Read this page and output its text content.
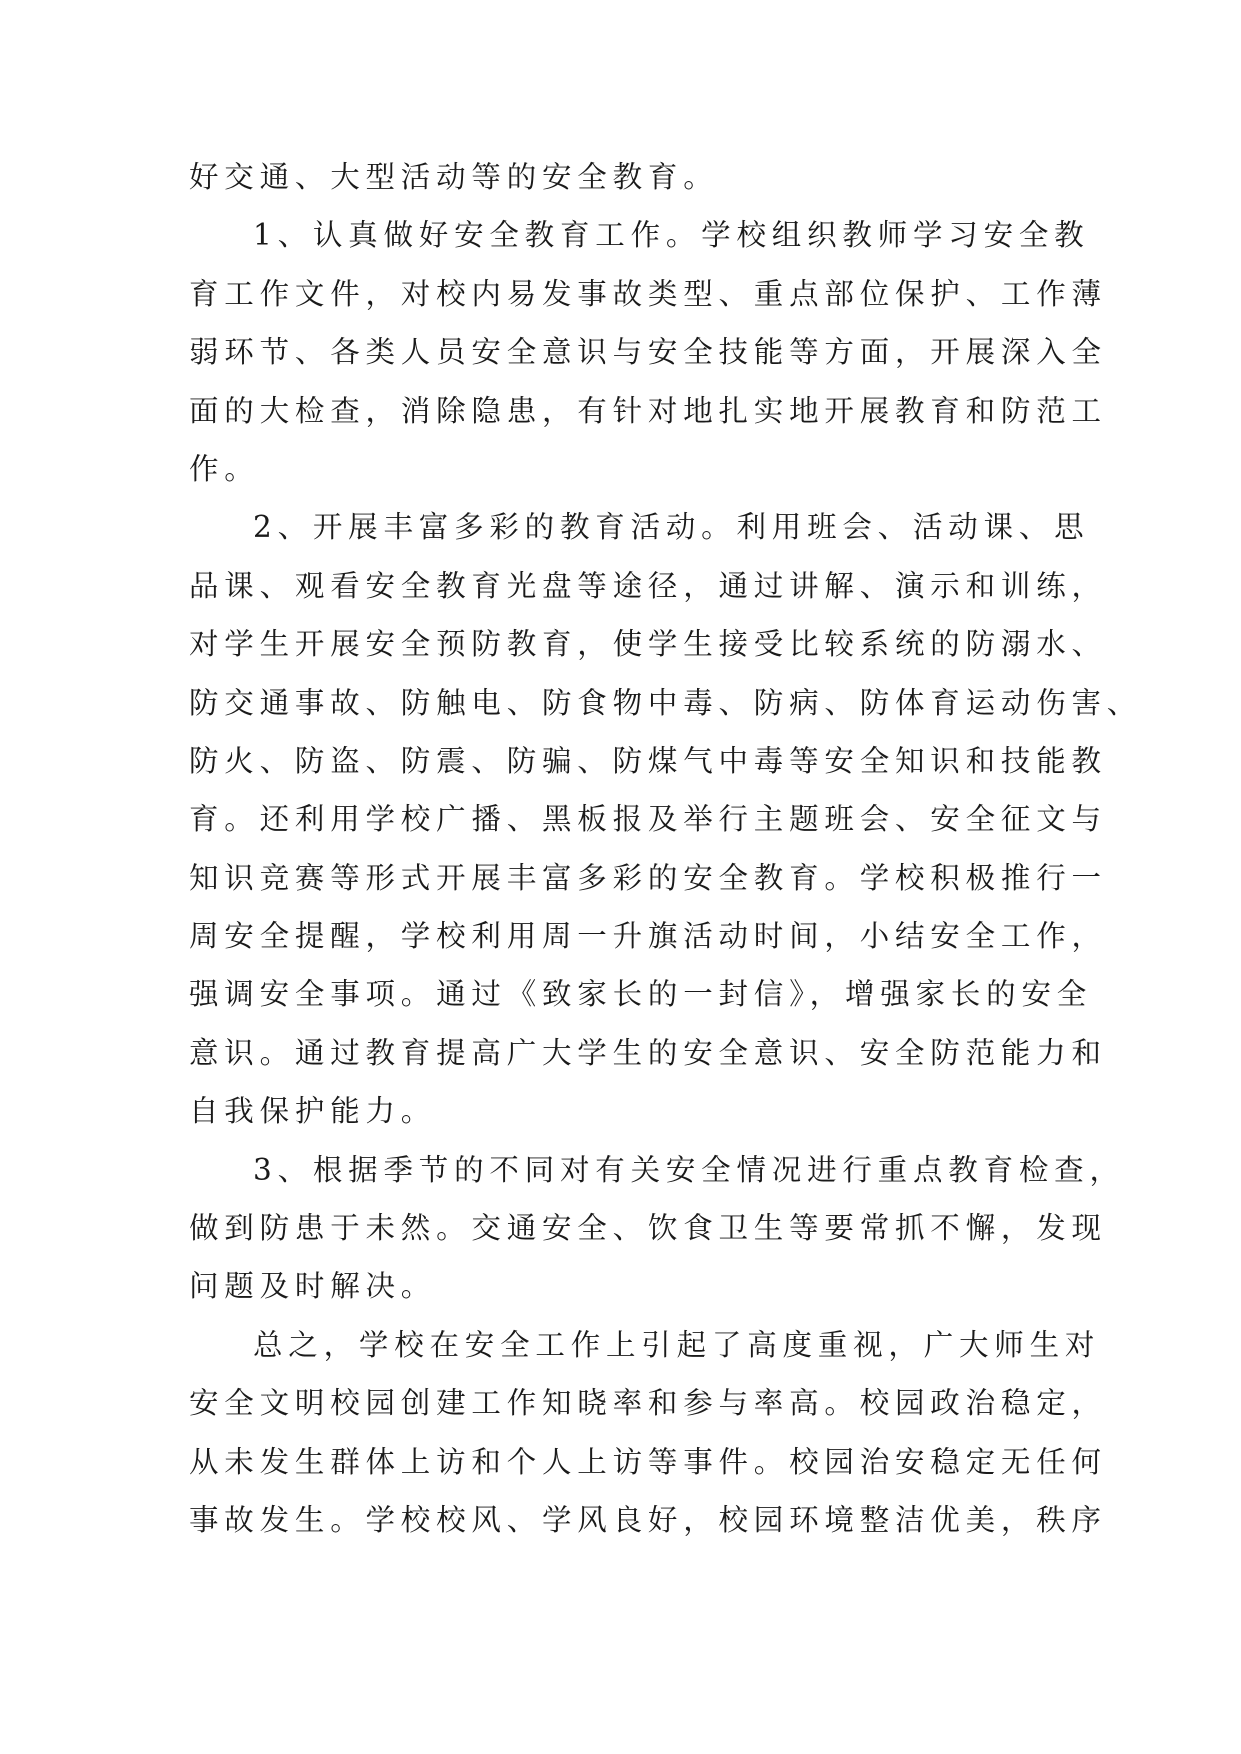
好交通、大型活动等的安全教育。
1、认真做好安全教育工作。学校组织教师学习安全教
育工作文件，对校内易发事故类型、重点部位保护、工作薄
弱环节、各类人员安全意识与安全技能等方面，开展深入全
面的大检查，消除隐患，有针对地扎实地开展教育和防范工
作。
2、开展丰富多彩的教育活动。利用班会、活动课、思
品课、观看安全教育光盘等途径，通过讲解、演示和训练，
对学生开展安全预防教育，使学生接受比较系统的防溺水、
防交通事故、防触电、防食物中毒、防病、防体育运动伤害、
防火、防盗、防震、防骗、防煤气中毒等安全知识和技能教
育。还利用学校广播、黑板报及举行主题班会、安全征文与
知识竞赛等形式开展丰富多彩的安全教育。学校积极推行一
周安全提醒，学校利用周一升旗活动时间，小结安全工作，
强调安全事项。通过《致家长的一封信》，增强家长的安全
意识。通过教育提高广大学生的安全意识、安全防范能力和
自我保护能力。
3、根据季节的不同对有关安全情况进行重点教育检查，
做到防患于未然。交通安全、饮食卫生等要常抓不懈，发现
问题及时解决。
总之，学校在安全工作上引起了高度重视，广大师生对
安全文明校园创建工作知晓率和参与率高。校园政治稳定，
从未发生群体上访和个人上访等事件。校园治安稳定无任何
事故发生。学校校风、学风良好，校园环境整洁优美，秩序
